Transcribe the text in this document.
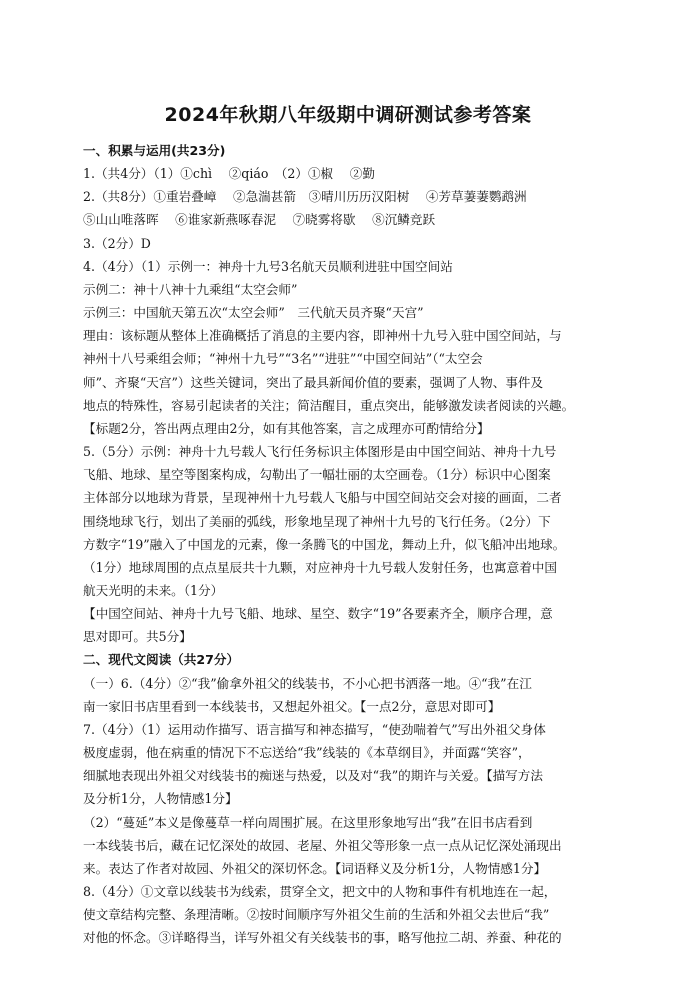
2024年秋期八年级期中调研测试参考答案
一、积累与运用(共23分)
1.（共4分）（1）①chì　 ②qiáo　（2）①椒　 ②勤
2.（共8分）①重岩叠嶂　 ②急湍甚箭　③晴川历历汉阳树　 ④芳草萋萋鹦鹉洲
⑤山山唯落晖　 ⑥谁家新燕啄春泥　 ⑦晓雾将歇　 ⑧沉鳞竞跃
3.（2分）D
4.（4分）（1）示例一：神舟十九号3名航天员顺利进驻中国空间站
示例二：神十八神十九乘组“太空会师”
示例三：中国航天第五次“太空会师”　三代航天员齐聚“天宫”
理由：该标题从整体上准确概括了消息的主要内容，即神州十九号入驻中国空间站，与
神州十八号乘组会师；“神州十九号”“3名”“进驻”“中国空间站”（“太空会
师”、齐聚“天宫”）这些关键词，突出了最具新闻价值的要素，强调了人物、事件及
地点的特殊性，容易引起读者的关注；简洁醒目，重点突出，能够激发读者阅读的兴趣。
【标题2分，答出两点理由2分，如有其他答案，言之成理亦可酌情给分】
5.（5分）示例：神舟十九号载人飞行任务标识主体图形是由中国空间站、神舟十九号
飞船、地球、星空等图案构成，勾勒出了一幅壮丽的太空画卷。（1分）标识中心图案
主体部分以地球为背景，呈现神州十九号载人飞船与中国空间站交会对接的画面，二者
围绕地球飞行，划出了美丽的弧线，形象地呈现了神州十九号的飞行任务。（2分）下
方数字“19”融入了中国龙的元素，像一条腾飞的中国龙，舞动上升，似飞船冲出地球。
（1分）地球周围的点点星辰共十九颗，对应神舟十九号载人发射任务，也寓意着中国
航天光明的未来。（1分）
【中国空间站、神舟十九号飞船、地球、星空、数字“19”各要素齐全，顺序合理，意
思对即可。共5分】
二、现代文阅读（共27分）
（一）6.（4分）②“我”偷拿外祖父的线装书，不小心把书洒落一地。④“我”在江
南一家旧书店里看到一本线装书，又想起外祖父。【一点2分，意思对即可】
7.（4分）（1）运用动作描写、语言描写和神态描写，“使劲喘着气”写出外祖父身体
极度虚弱，他在病重的情况下不忘送给“我”线装的《本草纲目》，并面露“笑容”，
细腻地表现出外祖父对线装书的痴迷与热爱，以及对“我”的期许与关爱。【描写方法
及分析1分，人物情感1分】
（2）“蔓延”本义是像蔓草一样向周围扩展。在这里形象地写出“我”在旧书店看到
一本线装书后，藏在记忆深处的故园、老屋、外祖父等形象一点一点从记忆深处涌现出
来。表达了作者对故园、外祖父的深切怀念。【词语释义及分析1分，人物情感1分】
8.（4分）①文章以线装书为线索，贯穿全文，把文中的人物和事件有机地连在一起，
使文章结构完整、条理清晰。②按时间顺序写外祖父生前的生活和外祖父去世后“我”
对他的怀念。③详略得当，详写外祖父有关线装书的事，略写他拉二胡、养蚕、种花的
